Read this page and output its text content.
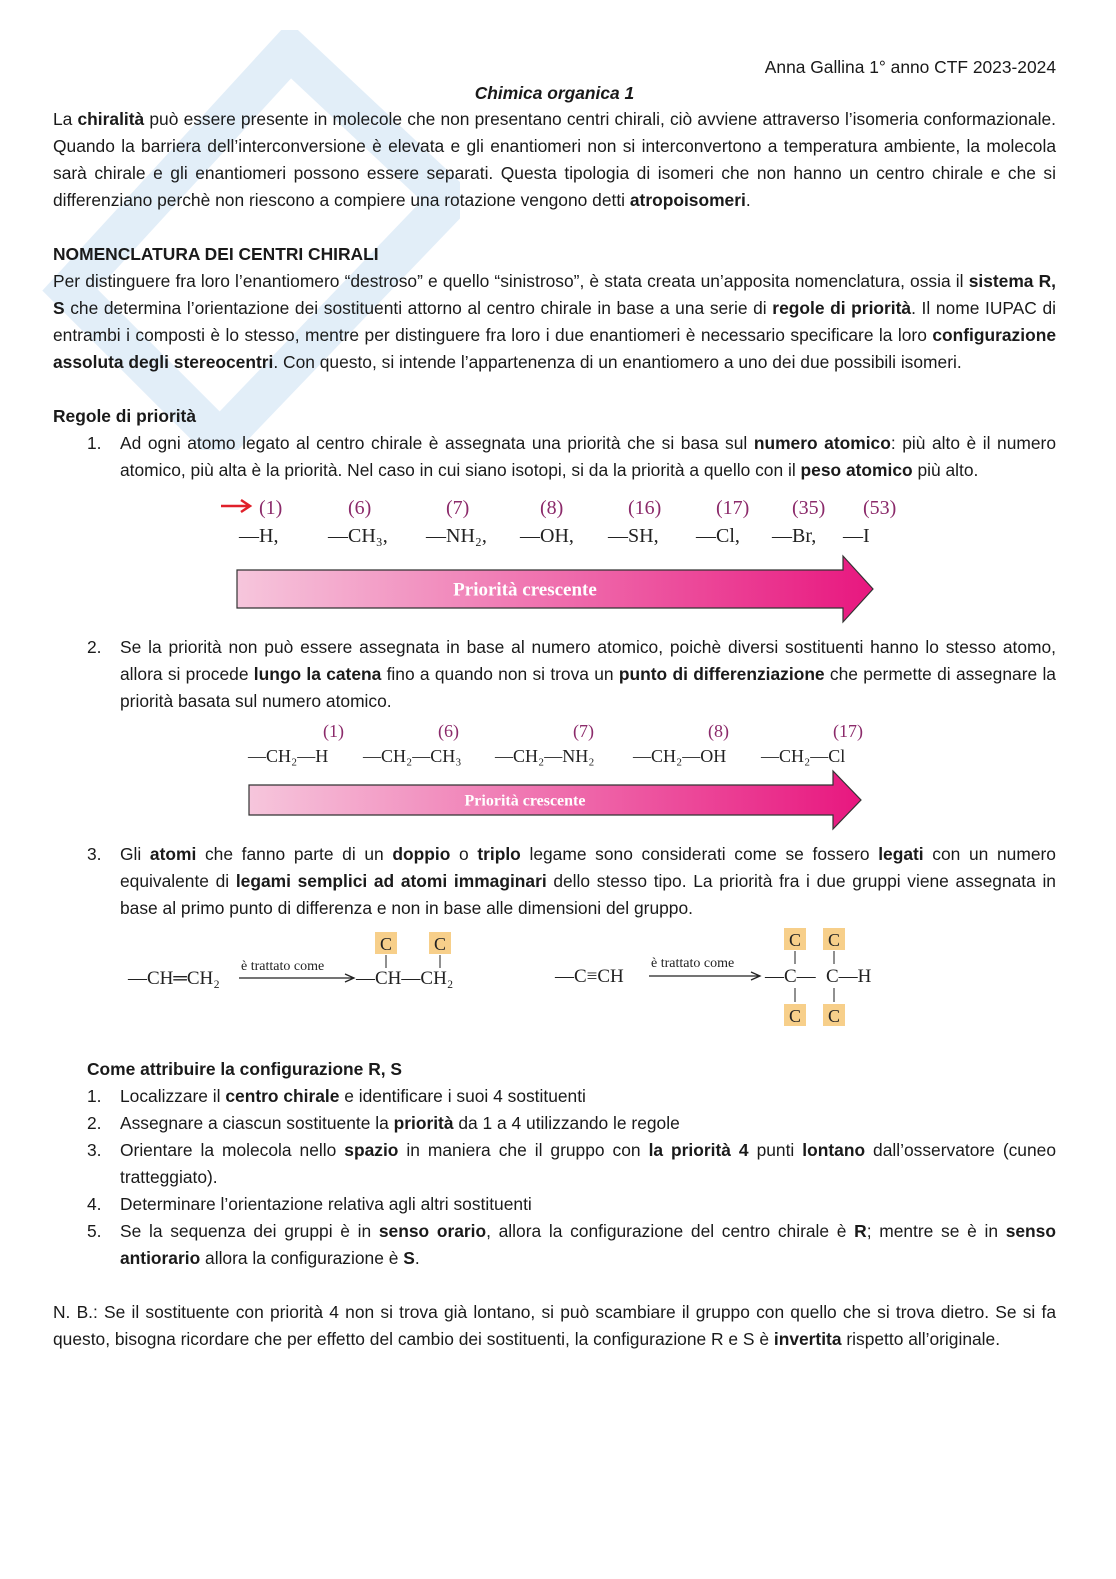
Anna Gallina 1° anno CTF 2023-2024
Chimica organica 1

La chiralità può essere presente in molecole che non presentano centri chirali, ciò avviene attraverso l’isomeria conformazionale. Quando la barriera dell’interconversione è elevata e gli enantiomeri non si interconvertono a temperatura ambiente, la molecola sarà chirale e gli enantiomeri possono essere separati. Questa tipologia di isomeri che non hanno un centro chirale e che si differenziano perchè non riescono a compiere una rotazione vengono detti atropoisomeri.

NOMENCLATURA DEI CENTRI CHIRALI

Per distinguere fra loro l’enantiomero “destroso” e quello “sinistroso”, è stata creata un’apposita nomenclatura, ossia il sistema R, S che determina l’orientazione dei sostituenti attorno al centro chirale in base a una serie di regole di priorità. Il nome IUPAC di entrambi i composti è lo stesso, mentre per distinguere fra loro i due enantiomeri è necessario specificare la loro configurazione assoluta degli stereocentri. Con questo, si intende l’appartenenza di un enantiomero a uno dei due possibili isomeri.

Regole di priorità
1.	Ad ogni atomo legato al centro chirale è assegnata una priorità che si basa sul numero atomico: più alto è il numero atomico, più alta è la priorità. Nel caso in cui siano isotopi, si da la priorità a quello con il peso atomico più alto.
(1)	(6)	(7)	(8)	(16)	(17) (35) (53)
—H, —CH₃, —NH₂, —OH, —SH, —Cl, —Br, —I
Priorità crescente
2.	Se la priorità non può essere assegnata in base al numero atomico, poichè diversi sostituenti hanno lo stesso atomo, allora si procede lungo la catena fino a quando non si trova un punto di differenziazione che permette di assegnare la priorità basata sul numero atomico.
(1)	(6)	(7)	(8)	(17)
—CH₂—H —CH₂—CH₃ —CH₂—NH₂ —CH₂—OH —CH₂—Cl
Priorità crescente
3.	Gli atomi che fanno parte di un doppio o triplo legame sono considerati come se fossero legati con un numero equivalente di legami semplici ad atomi immaginari dello stesso tipo. La priorità fra i due gruppi viene assegnata in base al primo punto di differenza e non in base alle dimensioni del gruppo.
—CH═CH₂
è trattato come
—CH—CH₂
C C
—C≡CH
è trattato come
—C— C—H
C
C
C
C
Come attribuire la configurazione R, S
1.	Localizzare il centro chirale e identificare i suoi 4 sostituenti
2.	Assegnare a ciascun sostituente la priorità da 1 a 4 utilizzando le regole
3.	Orientare la molecola nello spazio in maniera che il gruppo con la priorità 4 punti lontano dall’osservatore (cuneo tratteggiato).
4.	Determinare l’orientazione relativa agli altri sostituenti
5.	Se la sequenza dei gruppi è in senso orario, allora la configurazione del centro chirale è R; mentre se è in senso antiorario allora la configurazione è S.

N. B.: Se il sostituente con priorità 4 non si trova già lontano, si può scambiare il gruppo con quello che si trova dietro. Se si fa questo, bisogna ricordare che per effetto del cambio dei sostituenti, la configurazione R e S è invertita rispetto all’originale.
